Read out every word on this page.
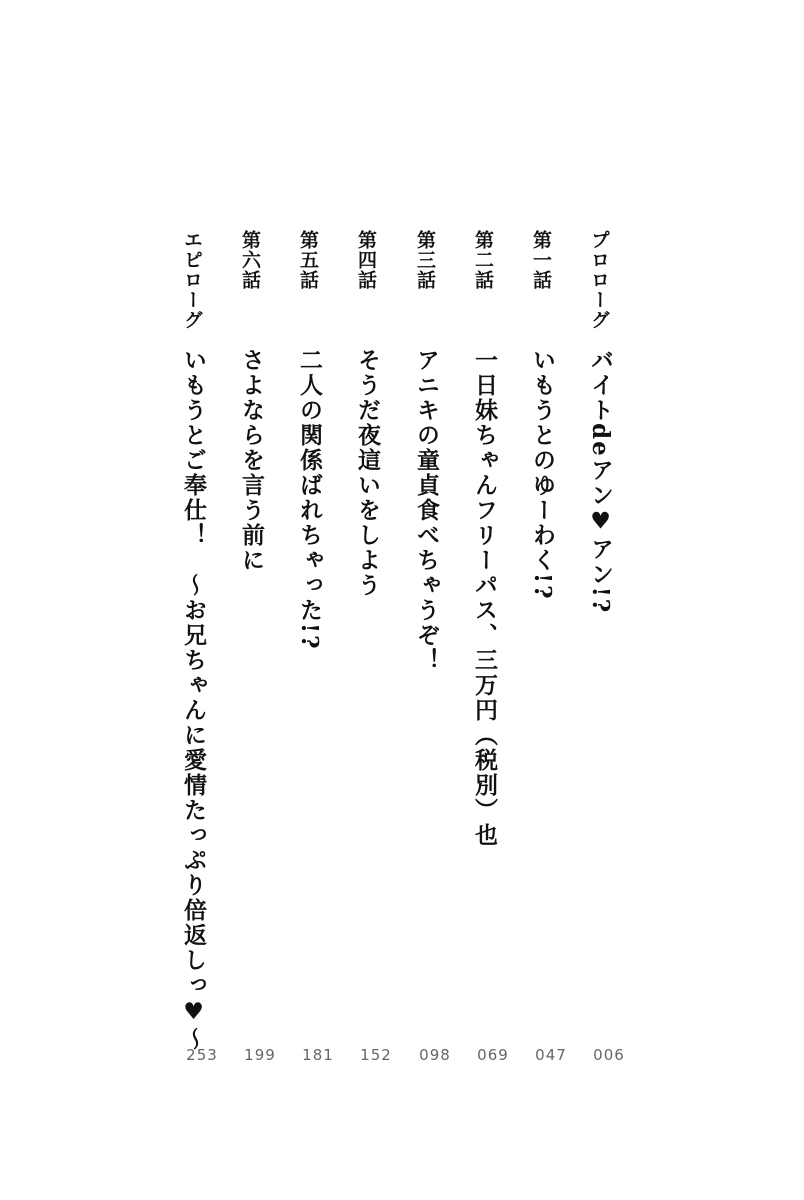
プロローグ
バイトdeアン♥アン!?
006
第一話
いもうとのゆーわく!?
047
第二話
一日妹ちゃんフリーパス、三万円（税別）也
069
第三話
アニキの童貞食べちゃうぞ！
098
第四話
そうだ夜這いをしよう
152
第五話
二人の関係ばれちゃった!?
181
第六話
さよならを言う前に
199
エピローグ
いもうとご奉仕！　～お兄ちゃんに愛情たっぷり倍返しっ♥～
253
